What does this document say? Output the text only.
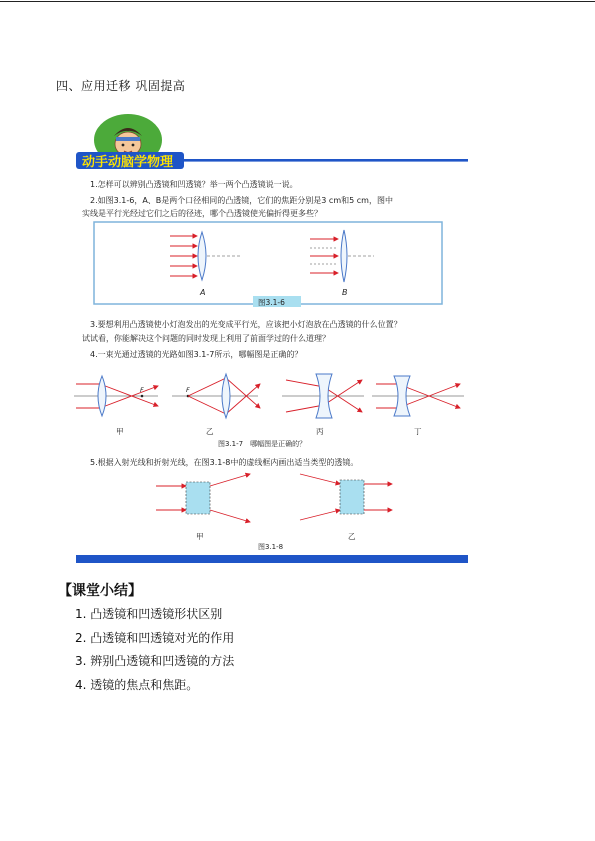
四、应用迁移 巩固提高
动手动脑学物理
1.怎样可以辨别凸透镜和凹透镜？举一两个凸透镜说一说。
2.如图3.1-6，A、B是两个口径相同的凸透镜，它们的焦距分别是3 cm和5 cm，图中
实线是平行光经过它们之后的径迹，哪个凸透镜使光偏折得更多些？
A	B
图3.1-6
3.要想利用凸透镜使小灯泡发出的光变成平行光，应该把小灯泡放在凸透镜的什么位置？
试试看，你能解决这个问题的同时发现上利用了前面学过的什么道理？
4.一束光通过透镜的光路如图3.1-7所示，哪幅图是正确的？
F	F
甲	乙	丙	丁
图3.1-7　哪幅图是正确的？
5.根据入射光线和折射光线，在图3.1-8中的虚线框内画出适当类型的透镜。
甲	乙
图3.1-8
【课堂小结】
1. 凸透镜和凹透镜形状区别
2. 凸透镜和凹透镜对光的作用
3. 辨别凸透镜和凹透镜的方法
4. 透镜的焦点和焦距。
